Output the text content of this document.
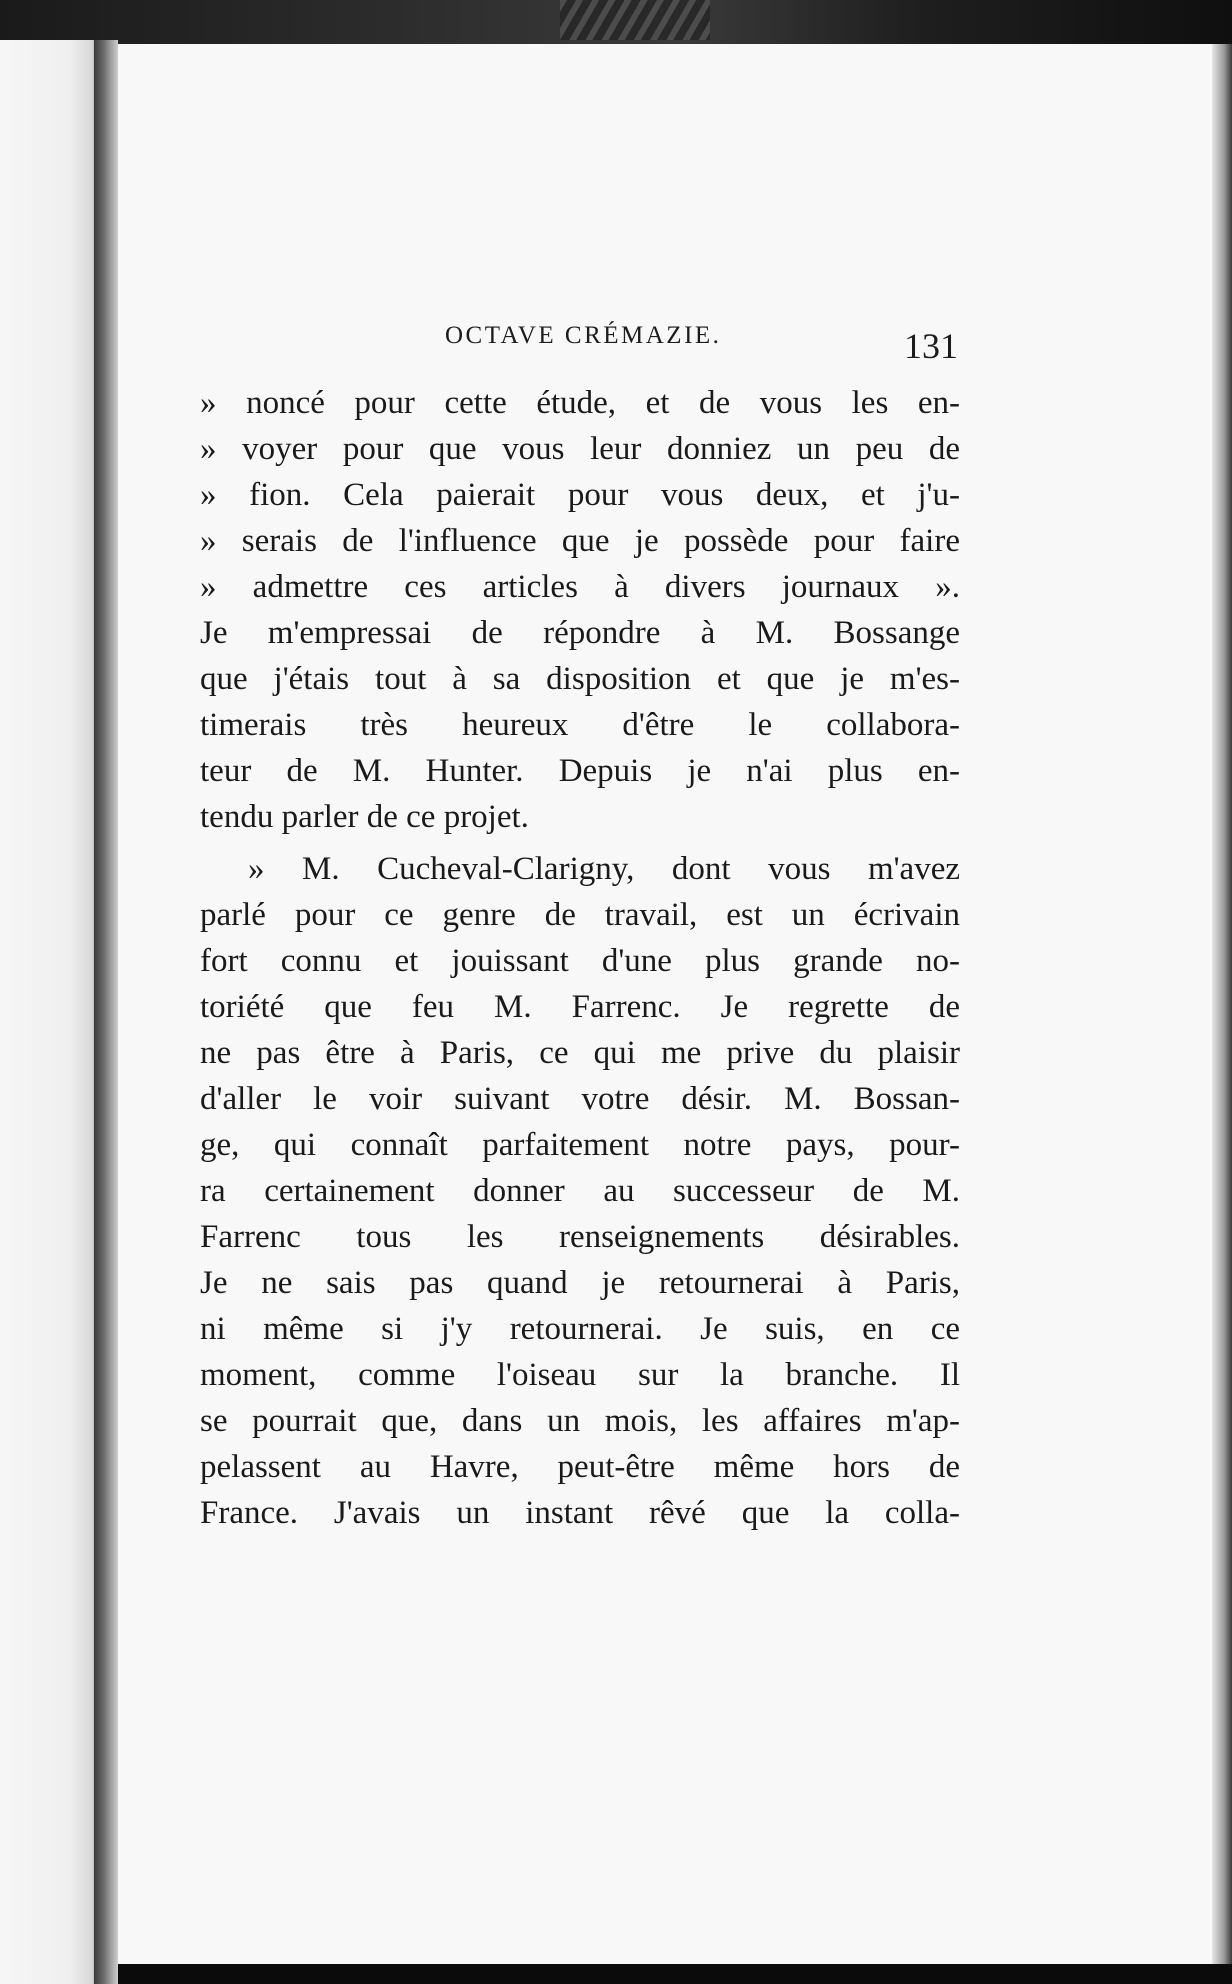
OCTAVE CRÉMAZIE.	131
» noncé pour cette étude, et de vous les en-
» voyer pour que vous leur donniez un peu de
» fion. Cela paierait pour vous deux, et j'u-
» serais de l'influence que je possède pour faire
» admettre ces articles à divers journaux ».
Je m'empressai de répondre à M. Bossange
que j'étais tout à sa disposition et que je m'es-
timerais très heureux d'être le collabora-
teur de M. Hunter. Depuis je n'ai plus en-
tendu parler de ce projet.
» M. Cucheval-Clarigny, dont vous m'avez
parlé pour ce genre de travail, est un écrivain
fort connu et jouissant d'une plus grande no-
toriété que feu M. Farrenc. Je regrette de
ne pas être à Paris, ce qui me prive du plaisir
d'aller le voir suivant votre désir. M. Bossan-
ge, qui connaît parfaitement notre pays, pour-
ra certainement donner au successeur de M.
Farrenc tous les renseignements désirables.
Je ne sais pas quand je retournerai à Paris,
ni même si j'y retournerai. Je suis, en ce
moment, comme l'oiseau sur la branche. Il
se pourrait que, dans un mois, les affaires m'ap-
pelassent au Havre, peut-être même hors de
France. J'avais un instant rêvé que la colla-
